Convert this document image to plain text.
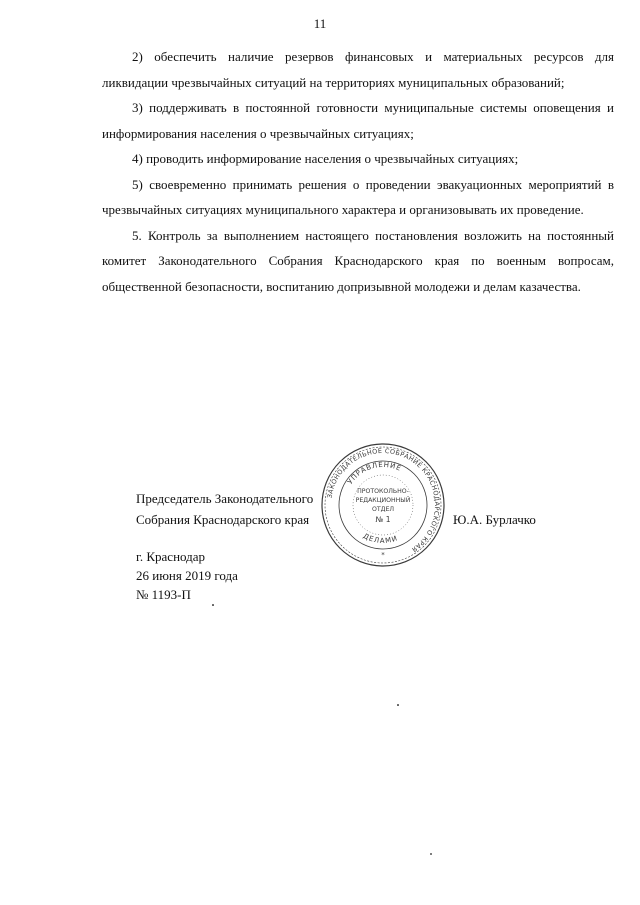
11

2) обеспечить наличие резервов финансовых и материальных ресурсов для ликвидации чрезвычайных ситуаций на территориях муниципальных образований;

3) поддерживать в постоянной готовности муниципальные системы оповещения и информирования населения о чрезвычайных ситуациях;

4) проводить информирование населения о чрезвычайных ситуациях;

5) своевременно принимать решения о проведении эвакуационных мероприятий в чрезвычайных ситуациях муниципального характера и организовывать их проведение.

5. Контроль за выполнением настоящего постановления возложить на постоянный комитет Законодательного Собрания Краснодарского края по военным вопросам, общественной безопасности, воспитанию допризывной молодежи и делам казачества.

ЗАКОНОДАТЕЛЬНОЕ СОБРАНИЕ КРАСНОДАРСКОГО КРАЯ
УПРАВЛЕНИЕ
ДЕЛАМИ
ПРОТОКОЛЬНО-
РЕДАКЦИОННЫЙ
ОТДЕЛ
№ 1
*
Председатель Законодательного
Собрания Краснодарского края	Ю.А. Бурлачко
г. Краснодар
26 июня 2019 года
№ 1193-П
